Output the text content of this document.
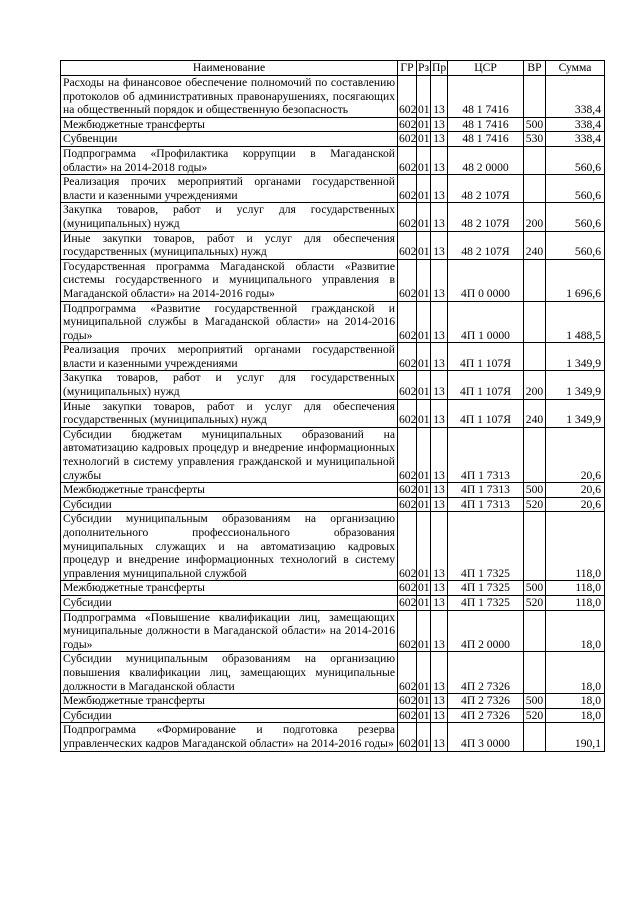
Наименование	ГР	Рз	Пр	ЦСР	ВР	Сумма
Расходы на финансовое обеспечение полномочий по составлению протоколов об административных правонарушениях, посягающих на общественный порядок и общественную безопасность	602	01	13	48 1 7416		338,4
Межбюджетные трансферты	602	01	13	48 1 7416	500	338,4
Субвенции	602	01	13	48 1 7416	530	338,4
Подпрограмма «Профилактика коррупции в Магаданской области» на 2014-2018 годы»	602	01	13	48 2 0000		560,6
Реализация прочих мероприятий органами государственной власти и казенными учреждениями	602	01	13	48 2 107Я		560,6
Закупка товаров, работ и услуг для государственных (муниципальных) нужд	602	01	13	48 2 107Я	200	560,6
Иные закупки товаров, работ и услуг для обеспечения государственных (муниципальных) нужд	602	01	13	48 2 107Я	240	560,6
Государственная программа Магаданской области «Развитие системы государственного и муниципального управления в Магаданской области» на 2014-2016 годы»	602	01	13	4П 0 0000		1 696,6
Подпрограмма «Развитие государственной гражданской и муниципальной службы в Магаданской области» на 2014-2016 годы»	602	01	13	4П 1 0000		1 488,5
Реализация прочих мероприятий органами государственной власти и казенными учреждениями	602	01	13	4П 1 107Я		1 349,9
Закупка товаров, работ и услуг для государственных (муниципальных) нужд	602	01	13	4П 1 107Я	200	1 349,9
Иные закупки товаров, работ и услуг для обеспечения государственных (муниципальных) нужд	602	01	13	4П 1 107Я	240	1 349,9
Субсидии бюджетам муниципальных образований на автоматизацию кадровых процедур и внедрение информационных технологий в систему управления гражданской и муниципальной службы	602	01	13	4П 1 7313		20,6
Межбюджетные трансферты	602	01	13	4П 1 7313	500	20,6
Субсидии	602	01	13	4П 1 7313	520	20,6
Субсидии муниципальным образованиям на организацию дополнительного профессионального образования муниципальных служащих и на автоматизацию кадровых процедур и внедрение информационных технологий в систему управления муниципальной службой	602	01	13	4П 1 7325		118,0
Межбюджетные трансферты	602	01	13	4П 1 7325	500	118,0
Субсидии	602	01	13	4П 1 7325	520	118,0
Подпрограмма «Повышение квалификации лиц, замещающих муниципальные должности в Магаданской области» на 2014-2016 годы»	602	01	13	4П 2 0000		18,0
Субсидии муниципальным образованиям на организацию повышения квалификации лиц, замещающих муниципальные должности в Магаданской области	602	01	13	4П 2 7326		18,0
Межбюджетные трансферты	602	01	13	4П 2 7326	500	18,0
Субсидии	602	01	13	4П 2 7326	520	18,0
Подпрограмма «Формирование и подготовка резерва управленческих кадров Магаданской области» на 2014-2016 годы»	602	01	13	4П 3 0000		190,1
